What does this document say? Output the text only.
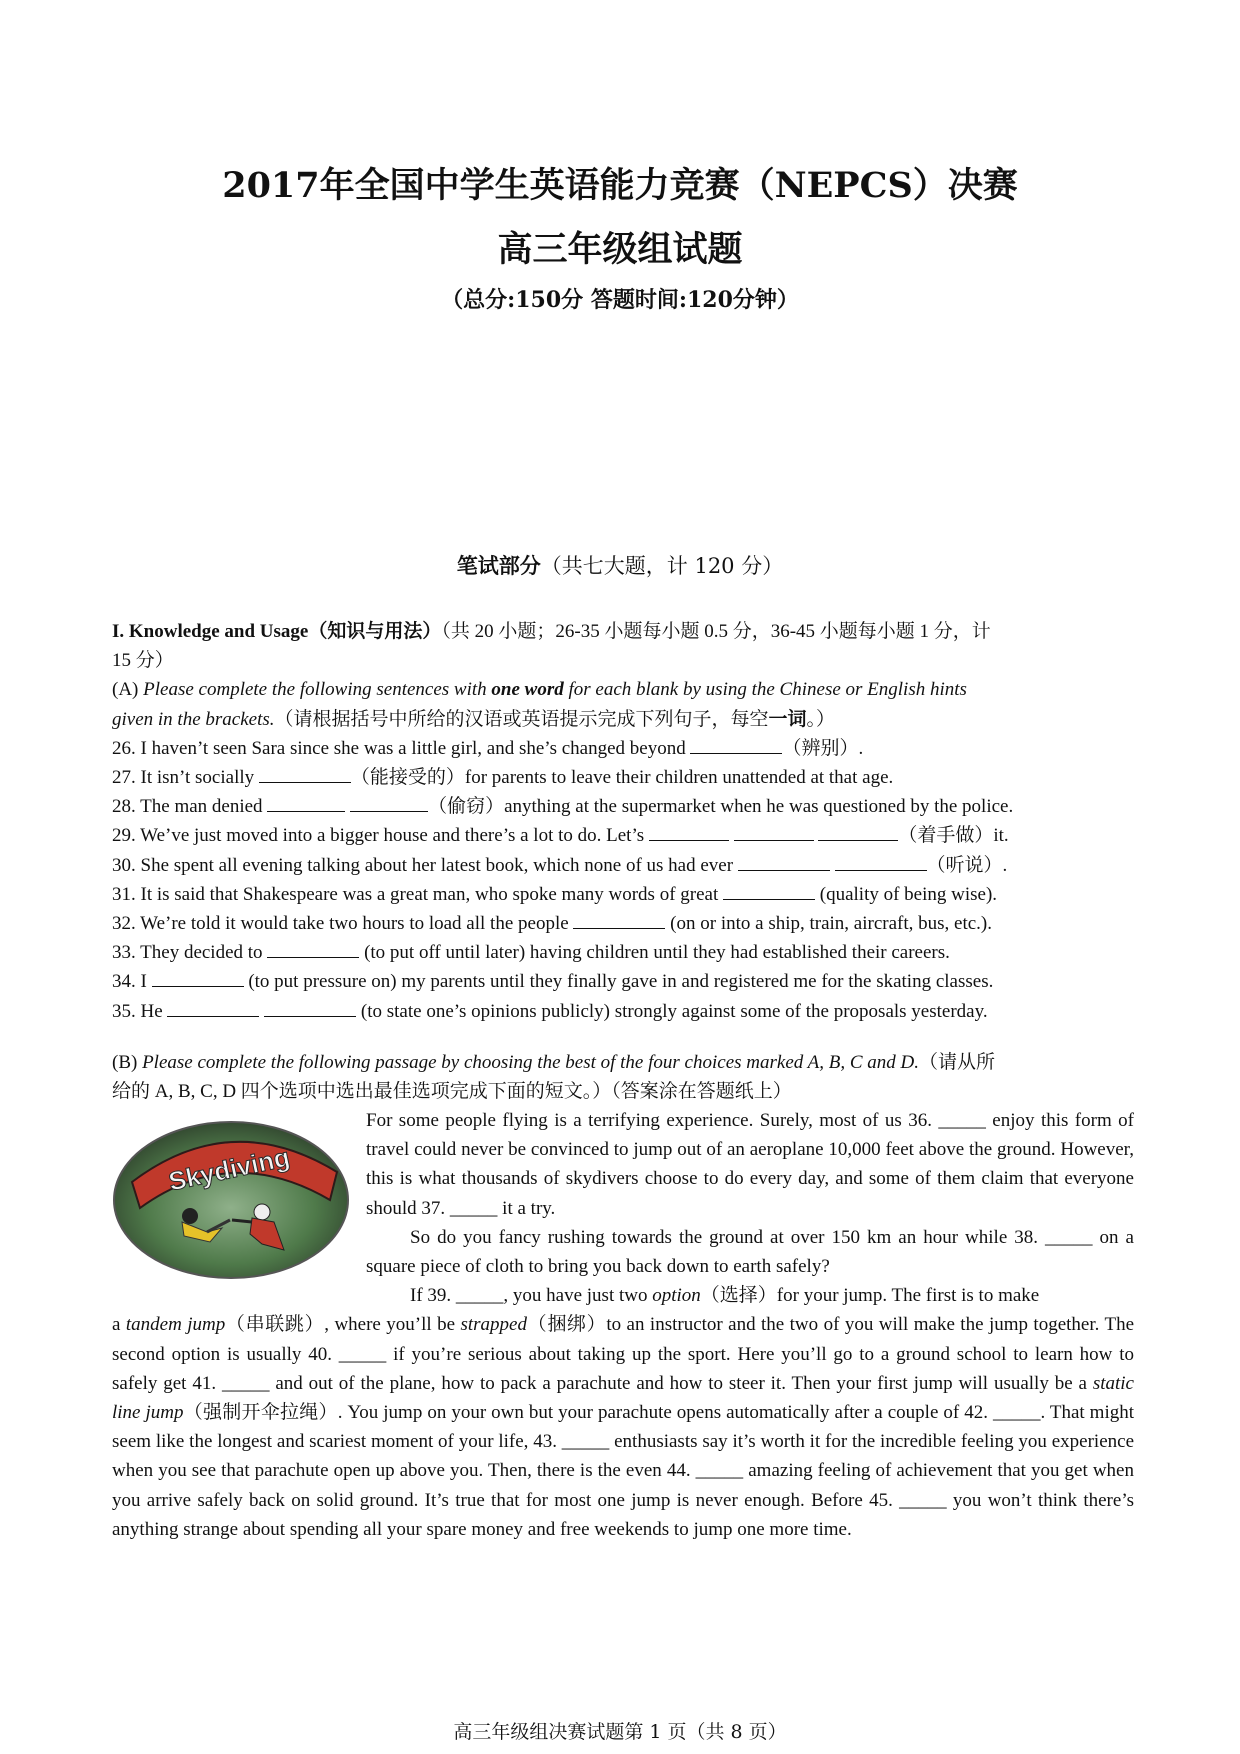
2017年全国中学生英语能力竞赛（NEPCS）决赛
高三年级组试题
（总分:150分 答题时间:120分钟）
笔试部分（共七大题，计 120 分）
I. Knowledge and Usage（知识与用法）（共 20 小题；26-35 小题每小题 0.5 分，36-45 小题每小题 1 分，计
15 分）
(A) Please complete the following sentences with one word for each blank by using the Chinese or English hints
given in the brackets.（请根据括号中所给的汉语或英语提示完成下列句子，每空一词。）
26. I haven’t seen Sara since she was a little girl, and she’s changed beyond	（辨别）.
27. It isn’t socially	（能接受的）for parents to leave their children unattended at that age.
28. The man denied	（偷窃）anything at the supermarket when he was questioned by the police.
29. We’ve just moved into a bigger house and there’s a lot to do. Let’s	（着手做）it.
30. She spent all evening talking about her latest book, which none of us had ever	（听说）.
31. It is said that Shakespeare was a great man, who spoke many words of great	(quality of being wise).
32. We’re told it would take two hours to load all the people	(on or into a ship, train, aircraft, bus, etc.).
33. They decided to	(to put off until later) having children until they had established their careers.
34. I	(to put pressure on) my parents until they finally gave in and registered me for the skating classes.
35. He	(to state one’s opinions publicly) strongly against some of the proposals yesterday.
(B) Please complete the following passage by choosing the best of the four choices marked A, B, C and D.（请从所
给的 A, B, C, D 四个选项中选出最佳选项完成下面的短文。）（答案涂在答题纸上）
Skydiving
For some people flying is a terrifying experience. Surely, most of us 36. _____ enjoy this form of travel could never be convinced to jump out of an aeroplane 10,000 feet above the ground. However, this is what thousands of skydivers choose to do every day, and some of them claim that everyone should 37. _____ it a try.
So do you fancy rushing towards the ground at over 150 km an hour while 38. _____ on a square piece of cloth to bring you back down to earth safely?
If 39. _____, you have just two option（选择）for your jump. The first is to make
a tandem jump（串联跳）, where you’ll be strapped（捆绑）to an instructor and the two of you will make the jump together. The second option is usually 40. _____ if you’re serious about taking up the sport. Here you’ll go to a ground school to learn how to safely get 41. _____ and out of the plane, how to pack a parachute and how to steer it. Then your first jump will usually be a static line jump（强制开伞拉绳）. You jump on your own but your parachute opens automatically after a couple of 42. _____. That might seem like the longest and scariest moment of your life, 43. _____ enthusiasts say it’s worth it for the incredible feeling you experience when you see that parachute open up above you. Then, there is the even 44. _____ amazing feeling of achievement that you get when you arrive safely back on solid ground. It’s true that for most one jump is never enough. Before 45. _____ you won’t think there’s anything strange about spending all your spare money and free weekends to jump one more time.
高三年级组决赛试题第 1 页（共 8 页）
